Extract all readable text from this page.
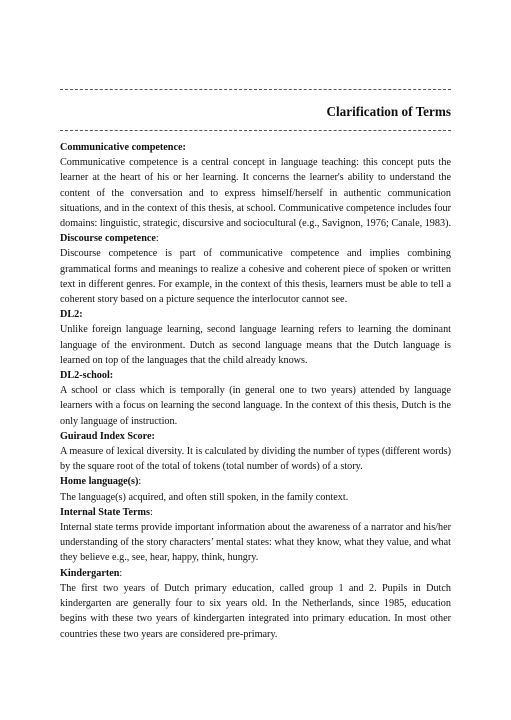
Clarification of Terms

Communicative competence:

Communicative competence is a central concept in language teaching: this concept puts the learner at the heart of his or her learning. It concerns the learner's ability to understand the content of the conversation and to express himself/herself in authentic communication situations, and in the context of this thesis, at school. Communicative competence includes four domains: linguistic, strategic, discursive and sociocultural (e.g., Savignon, 1976; Canale, 1983).

Discourse competence:

Discourse competence is part of communicative competence and implies combining grammatical forms and meanings to realize a cohesive and coherent piece of spoken or written text in different genres. For example, in the context of this thesis, learners must be able to tell a coherent story based on a picture sequence the interlocutor cannot see.

DL2:

Unlike foreign language learning, second language learning refers to learning the dominant language of the environment. Dutch as second language means that the Dutch language is learned on top of the languages that the child already knows.

DL2-school:

A school or class which is temporally (in general one to two years) attended by language learners with a focus on learning the second language. In the context of this thesis, Dutch is the only language of instruction.

Guiraud Index Score:

A measure of lexical diversity. It is calculated by dividing the number of types (different words) by the square root of the total of tokens (total number of words) of a story.

Home language(s):

The language(s) acquired, and often still spoken, in the family context.

Internal State Terms:

Internal state terms provide important information about the awareness of a narrator and his/her understanding of the story characters’ mental states: what they know, what they value, and what they believe e.g., see, hear, happy, think, hungry.

Kindergarten:

The first two years of Dutch primary education, called group 1 and 2. Pupils in Dutch kindergarten are generally four to six years old. In the Netherlands, since 1985, education begins with these two years of kindergarten integrated into primary education. In most other countries these two years are considered pre-primary.
